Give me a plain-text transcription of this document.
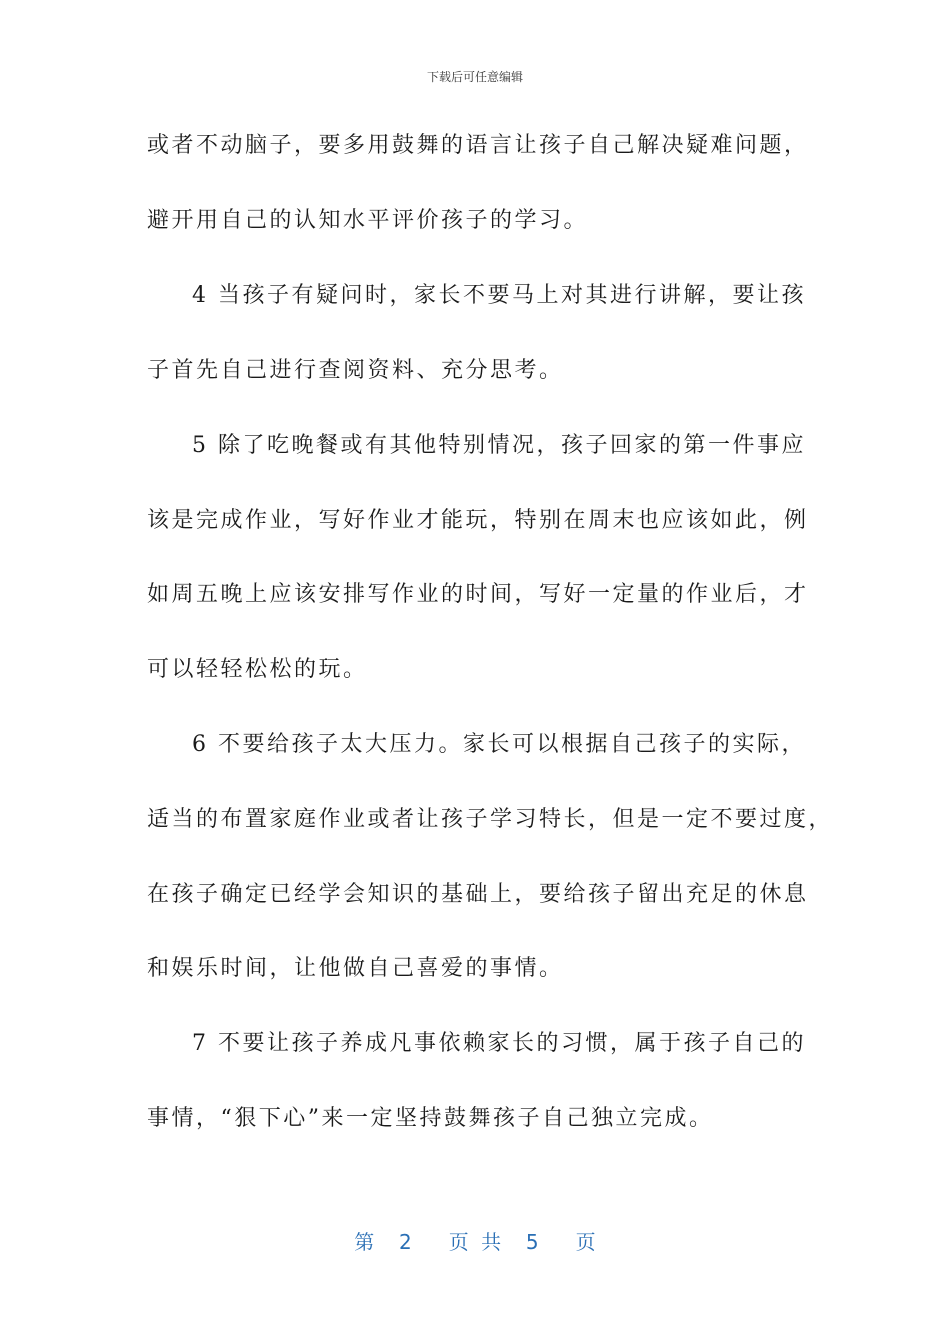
下载后可任意编辑
或者不动脑子，要多用鼓舞的语言让孩子自己解决疑难问题，
避开用自己的认知水平评价孩子的学习。
4 当孩子有疑问时，家长不要马上对其进行讲解，要让孩
子首先自己进行查阅资料、充分思考。
5 除了吃晚餐或有其他特别情况，孩子回家的第一件事应
该是完成作业，写好作业才能玩，特别在周末也应该如此，例
如周五晚上应该安排写作业的时间，写好一定量的作业后，才
可以轻轻松松的玩。
6 不要给孩子太大压力。家长可以根据自己孩子的实际，
适当的布置家庭作业或者让孩子学习特长，但是一定不要过度，
在孩子确定已经学会知识的基础上，要给孩子留出充足的休息
和娱乐时间，让他做自己喜爱的事情。
7 不要让孩子养成凡事依赖家长的习惯，属于孩子自己的
事情，“狠下心”来一定坚持鼓舞孩子自己独立完成。
第  2   页 共  5   页
